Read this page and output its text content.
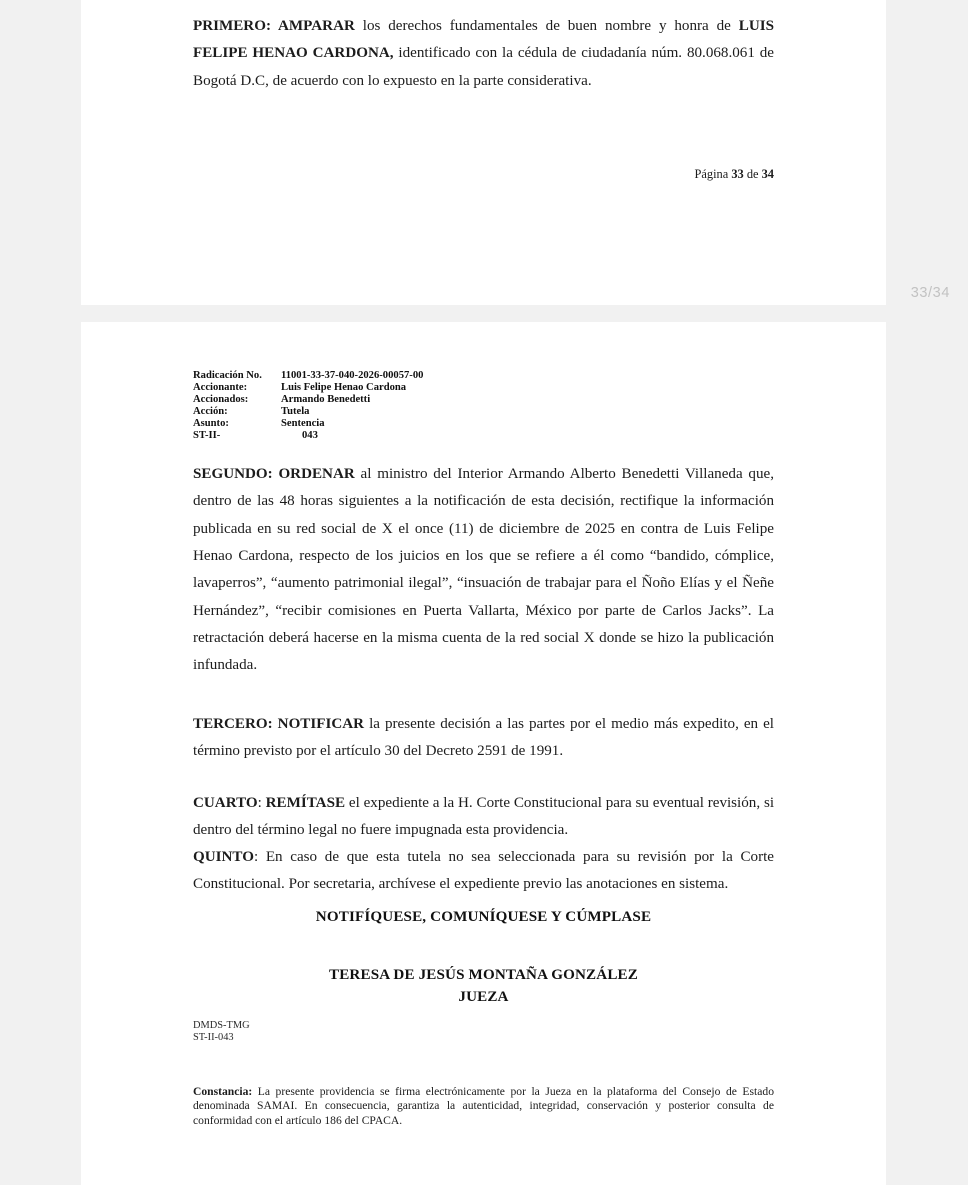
PRIMERO: AMPARAR los derechos fundamentales de buen nombre y honra de LUIS FELIPE HENAO CARDONA, identificado con la cédula de ciudadanía núm. 80.068.061 de Bogotá D.C, de acuerdo con lo expuesto en la parte considerativa.

Página 33 de 34
33/34
Radicación No.	11001-33-37-040-2026-00057-00
Accionante:	Luis Felipe Henao Cardona
Accionados:	Armando Benedetti
Acción:	Tutela
Asunto:	Sentencia
ST-II-	043

SEGUNDO: ORDENAR al ministro del Interior Armando Alberto Benedetti Villaneda que, dentro de las 48 horas siguientes a la notificación de esta decisión, rectifique la información publicada en su red social de X el once (11) de diciembre de 2025 en contra de Luis Felipe Henao Cardona, respecto de los juicios en los que se refiere a él como “bandido, cómplice, lavaperros”, “aumento patrimonial ilegal”, “insuación de trabajar para el Ñoño Elías y el Ñeñe Hernández”, “recibir comisiones en Puerta Vallarta, México por parte de Carlos Jacks”. La retractación deberá hacerse en la misma cuenta de la red social X donde se hizo la publicación infundada.

TERCERO: NOTIFICAR la presente decisión a las partes por el medio más expedito, en el término previsto por el artículo 30 del Decreto 2591 de 1991.

CUARTO: REMÍTASE el expediente a la H. Corte Constitucional para su eventual revisión, si dentro del término legal no fuere impugnada esta providencia.

QUINTO: En caso de que esta tutela no sea seleccionada para su revisión por la Corte Constitucional. Por secretaria, archívese el expediente previo las anotaciones en sistema.

NOTIFÍQUESE, COMUNÍQUESE Y CÚMPLASE
TERESA DE JESÚS MONTAÑA GONZÁLEZ
JUEZA
DMDS-TMG
ST-II-043

Constancia: La presente providencia se firma electrónicamente por la Jueza en la plataforma del Consejo de Estado denominada SAMAI. En consecuencia, garantiza la autenticidad, integridad, conservación y posterior consulta de conformidad con el artículo 186 del CPACA.
